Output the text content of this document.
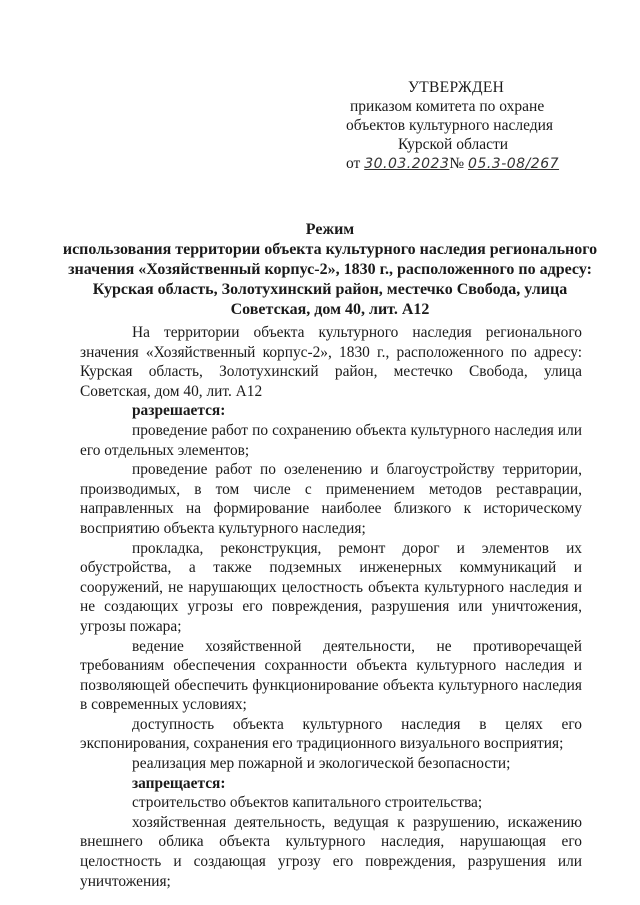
УТВЕРЖДЕН
приказом комитета по охране
объектов культурного наследия
Курской области
от 30.03.2023№ 05.3-08/267
Режим
использования территории объекта культурного наследия регионального значения «Хозяйственный корпус-2», 1830 г., расположенного по адресу: Курская область, Золотухинский район, местечко Свобода, улица Советская, дом 40, лит. А12

На территории объекта культурного наследия регионального значения «Хозяйственный корпус-2», 1830 г., расположенного по адресу: Курская область, Золотухинский район, местечко Свобода, улица Советская, дом 40, лит. А12

разрешается:

проведение работ по сохранению объекта культурного наследия или его отдельных элементов;

проведение работ по озеленению и благоустройству территории, производимых, в том числе с применением методов реставрации, направленных на формирование наиболее близкого к историческому восприятию объекта культурного наследия;

прокладка, реконструкция, ремонт дорог и элементов их обустройства, а также подземных инженерных коммуникаций и сооружений, не нарушающих целостность объекта культурного наследия и не создающих угрозы его повреждения, разрушения или уничтожения, угрозы пожара;

ведение хозяйственной деятельности, не противоречащей требованиям обеспечения сохранности объекта культурного наследия и позволяющей обеспечить функционирование объекта культурного наследия в современных условиях;

доступность объекта культурного наследия в целях его экспонирования, сохранения его традиционного визуального восприятия;

реализация мер пожарной и экологической безопасности;

запрещается:

строительство объектов капитального строительства;

хозяйственная деятельность, ведущая к разрушению, искажению внешнего облика объекта культурного наследия, нарушающая его целостность и создающая угрозу его повреждения, разрушения или уничтожения;
